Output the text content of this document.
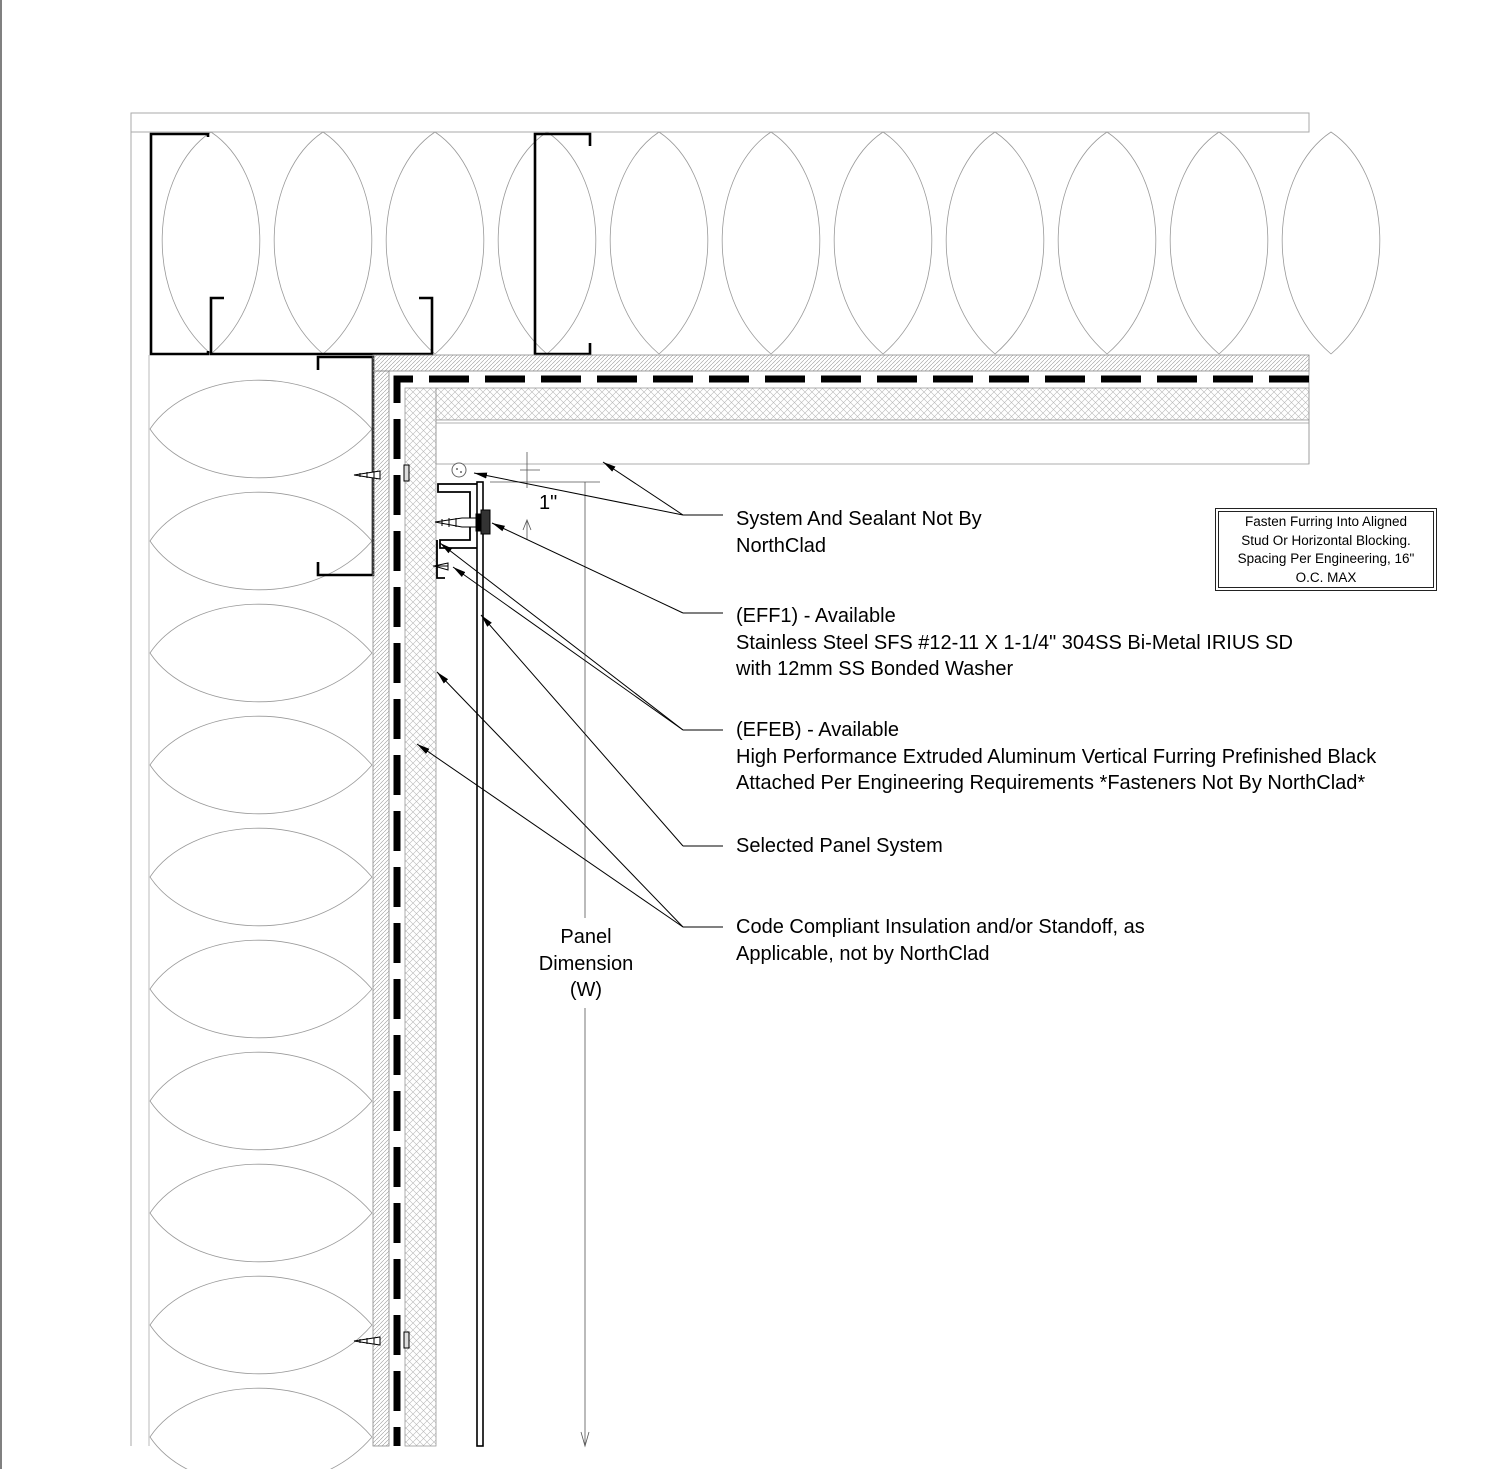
System And Sealant Not By
NorthClad
(EFF1) - Available
Stainless Steel SFS #12-11 X 1-1/4" 304SS Bi-Metal IRIUS SD
with 12mm SS Bonded Washer
(EFEB) - Available
High Performance Extruded Aluminum Vertical Furring Prefinished Black
Attached Per Engineering Requirements *Fasteners Not By NorthClad*
Selected Panel System
Code Compliant Insulation and/or Standoff, as
Applicable, not by NorthClad
Fasten Furring Into Aligned
Stud Or Horizontal Blocking.
Spacing Per Engineering, 16"
O.C. MAX
1"
Panel
Dimension
(W)
